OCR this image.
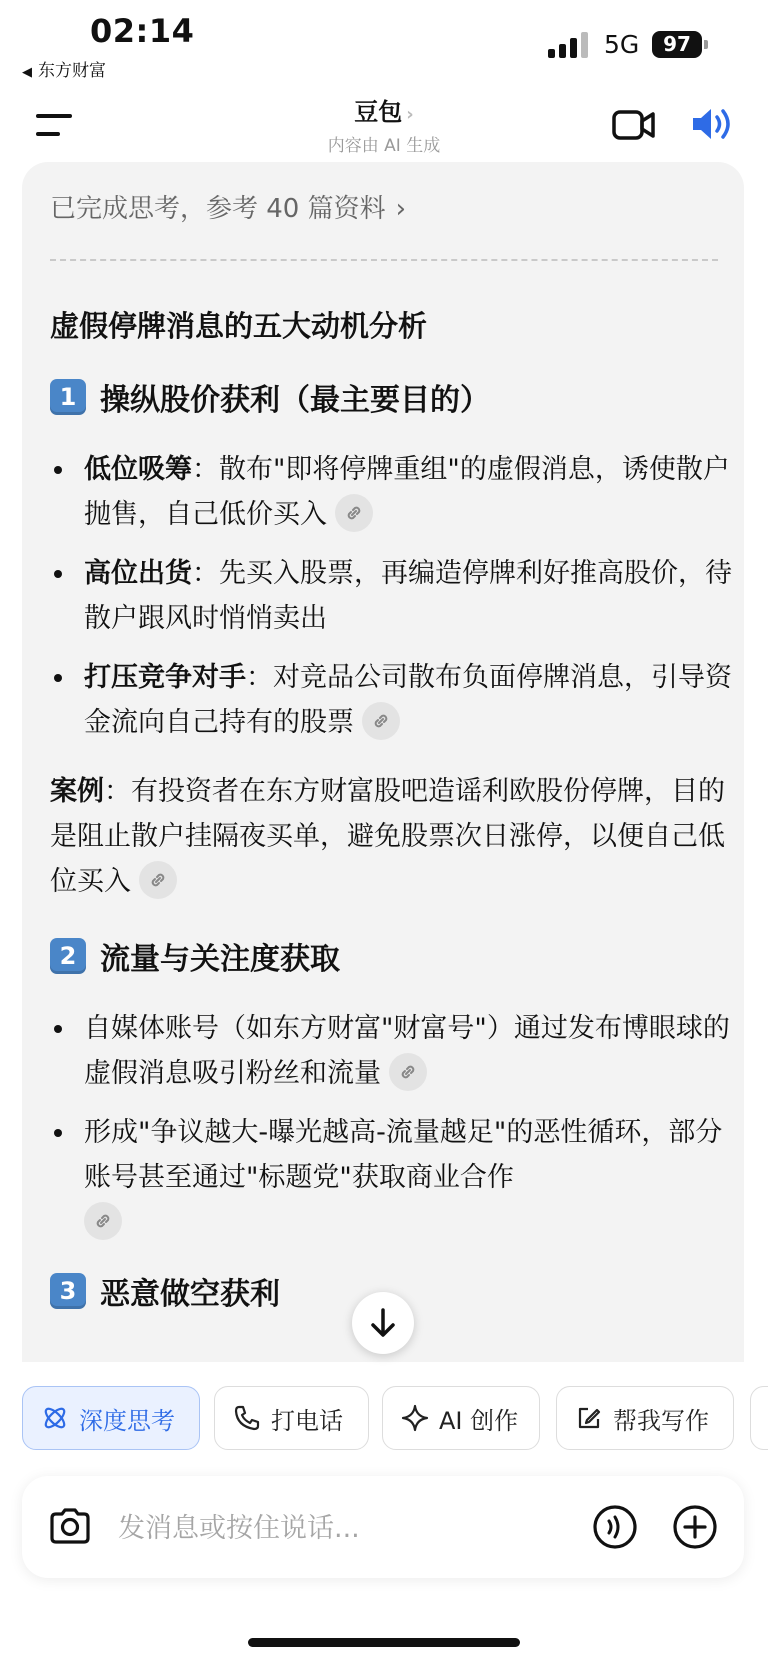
02:14
◀ 东方财富
5G	97
豆包 ›
内容由 AI 生成
已完成思考，参考 40 篇资料 ›
虚假停牌消息的五大动机分析
1 操纵股价获利（最主要目的）
低位吸筹：散布"即将停牌重组"的虚假消息，诱使散户抛售，自己低价买入
高位出货：先买入股票，再编造停牌利好推高股价，待散户跟风时悄悄卖出
打压竞争对手：对竞品公司散布负面停牌消息，引导资金流向自己持有的股票

案例：有投资者在东方财富股吧造谣利欧股份停牌，目的是阻止散户挂隔夜买单，避免股票次日涨停，以便自己低位买入

2 流量与关注度获取
自媒体账号（如东方财富"财富号"）通过发布博眼球的虚假消息吸引粉丝和流量
形成"争议越大-曝光越高-流量越足"的恶性循环，部分账号甚至通过"标题党"获取商业合作

3 恶意做空获利
深度思考	打电话	AI 创作	帮我写作
发消息或按住说话...
